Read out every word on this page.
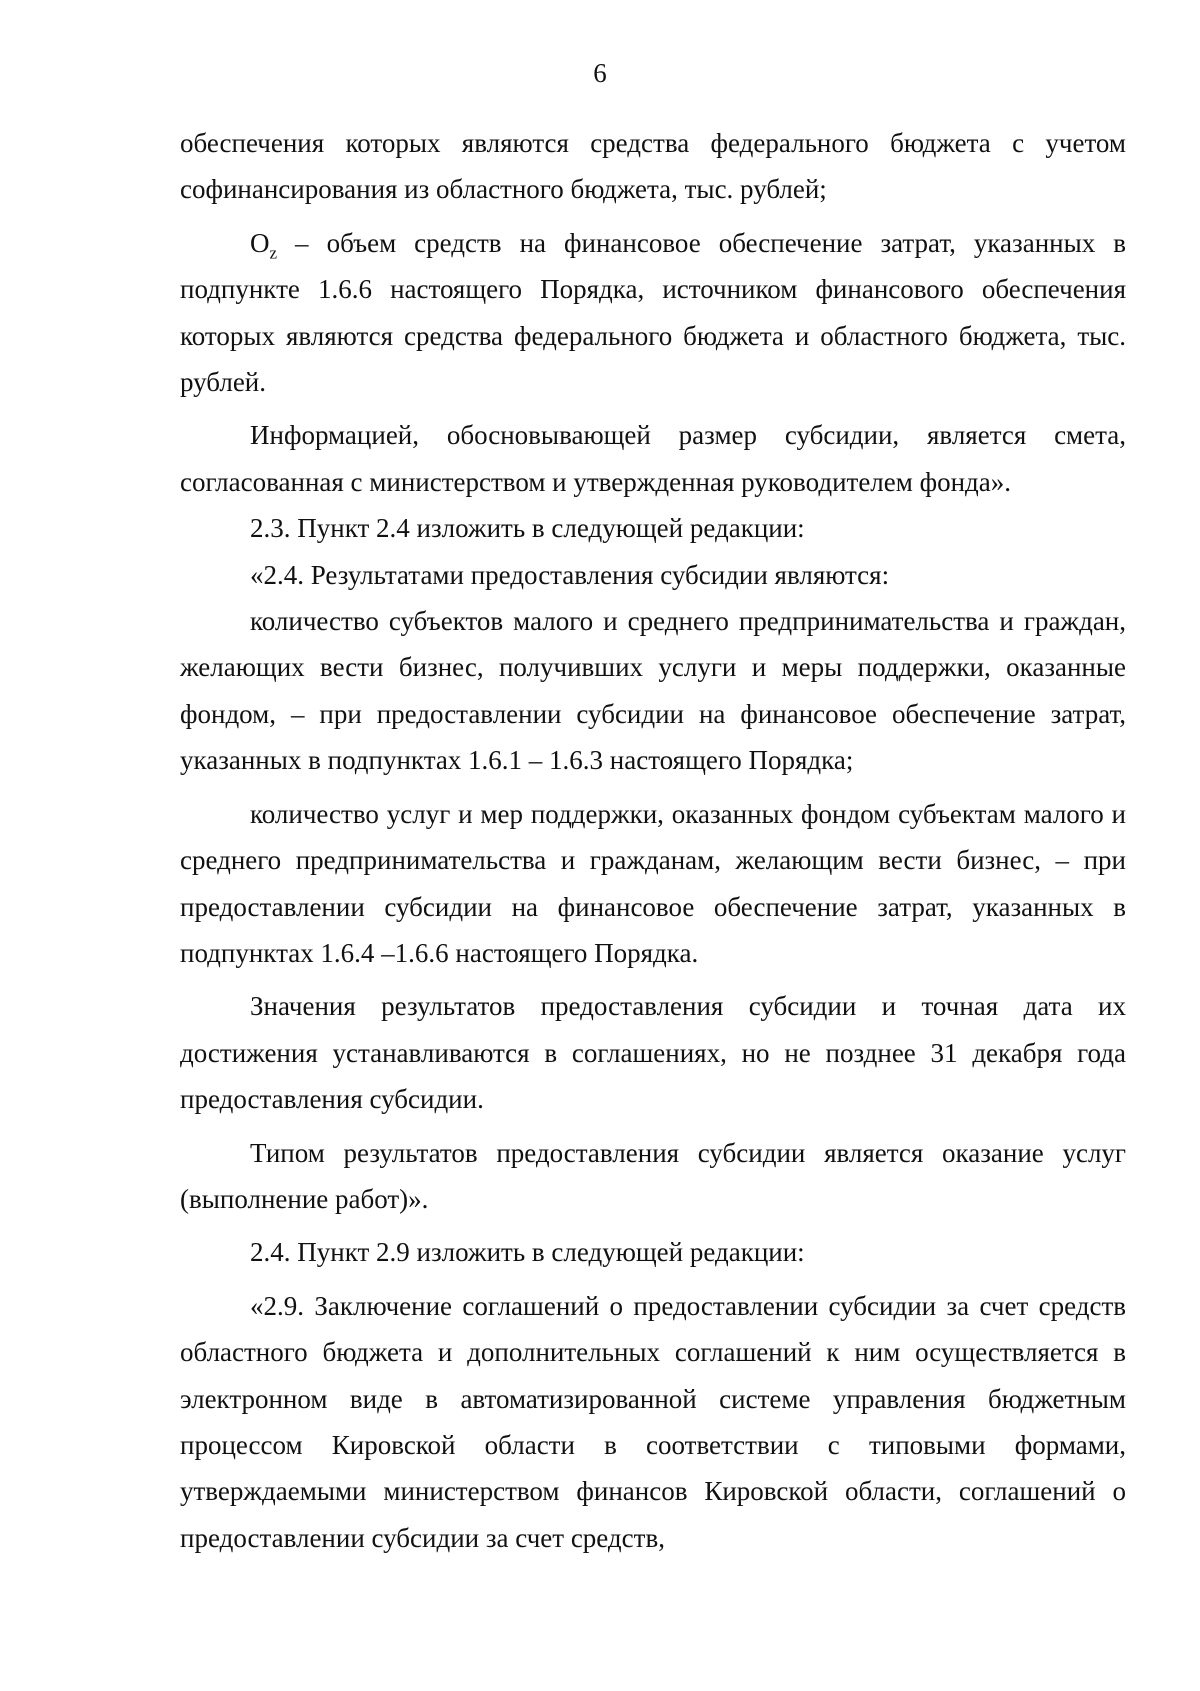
6

обеспечения которых являются средства федерального бюджета с учетом софинансирования из областного бюджета, тыс. рублей;

$O_z$ – объем средств на финансовое обеспечение затрат, указанных в подпункте 1.6.6 настоящего Порядка, источником финансового обеспечения которых являются средства федерального бюджета и областного бюджета, тыс. рублей.

Информацией, обосновывающей размер субсидии, является смета, согласованная с министерством и утвержденная руководителем фонда».

2.3. Пункт 2.4 изложить в следующей редакции:

«2.4. Результатами предоставления субсидии являются:

количество субъектов малого и среднего предпринимательства и граждан, желающих вести бизнес, получивших услуги и меры поддержки, оказанные фондом, – при предоставлении субсидии на финансовое обеспечение затрат, указанных в подпунктах 1.6.1 – 1.6.3 настоящего Порядка;

количество услуг и мер поддержки, оказанных фондом субъектам малого и среднего предпринимательства и гражданам, желающим вести бизнес, – при предоставлении субсидии на финансовое обеспечение затрат, указанных в подпунктах 1.6.4 –1.6.6 настоящего Порядка.

Значения результатов предоставления субсидии и точная дата их достижения устанавливаются в соглашениях, но не позднее 31 декабря года предоставления субсидии.

Типом результатов предоставления субсидии является оказание услуг (выполнение работ)».

2.4. Пункт 2.9 изложить в следующей редакции:

«2.9. Заключение соглашений о предоставлении субсидии за счет средств областного бюджета и дополнительных соглашений к ним осуществляется в электронном виде в автоматизированной системе управления бюджетным процессом Кировской области в соответствии с типовыми формами, утверждаемыми министерством финансов Кировской области, соглашений о предоставлении субсидии за счет средств,
